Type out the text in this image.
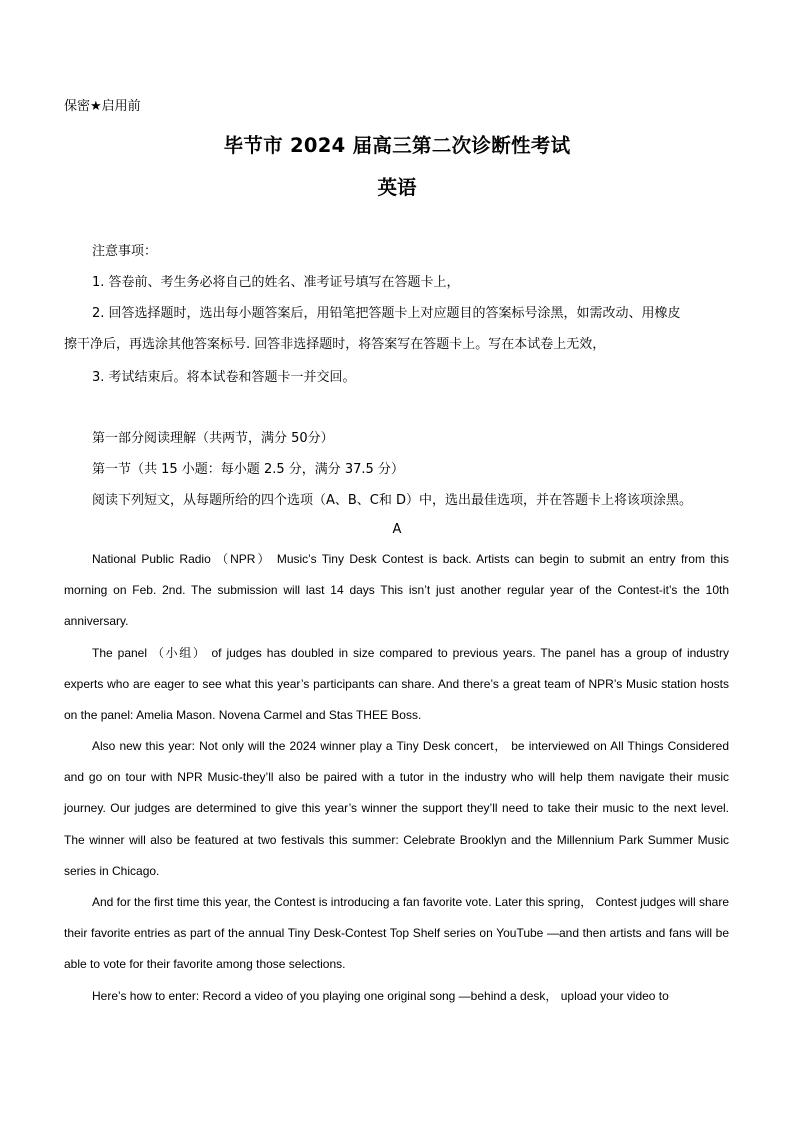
保密★启用前
毕节市 2024 届高三第二次诊断性考试
英语
注意事项：
1. 答卷前、考生务必将自己的姓名、准考证号填写在答题卡上，
2. 回答选择题时，选出每小题答案后，用铅笔把答题卡上对应题目的答案标号涂黑，如需改动、用橡皮
擦干净后，再选涂其他答案标号. 回答非选择题时，将答案写在答题卡上。写在本试卷上无效，
3. 考试结束后。将本试卷和答题卡一并交回。
第一部分阅读理解（共两节，满分 50分）
第一节（共 15 小题：每小题 2.5 分，满分 37.5 分）
阅读下列短文，从每题所给的四个选项（A、B、C和 D）中，选出最佳选项，并在答题卡上将该项涂黑。
A

National Public Radio （NPR） Music’s Tiny Desk Contest is back. Artists can begin to submit an entry from this morning on Feb. 2nd. The submission will last 14 days This isn’t just another regular year of the Contest-it’s the 10th anniversary.

The panel （小组） of judges has doubled in size compared to previous years. The panel has a group of industry experts who are eager to see what this year’s participants can share. And there’s a great team of NPR’s Music station hosts on the panel: Amelia Mason. Novena Carmel and Stas THEE Boss.

Also new this year: Not only will the 2024 winner play a Tiny Desk concert， be interviewed on All Things Considered and go on tour with NPR Music-they’ll also be paired with a tutor in the industry who will help them navigate their music journey. Our judges are determined to give this year’s winner the support they’ll need to take their music to the next level. The winner will also be featured at two festivals this summer: Celebrate Brooklyn and the Millennium Park Summer Music series in Chicago.

And for the first time this year, the Contest is introducing a fan favorite vote. Later this spring， Contest judges will share their favorite entries as part of the annual Tiny Desk-Contest Top Shelf series on YouTube —and then artists and fans will be able to vote for their favorite among those selections.

Here’s how to enter: Record a video of you playing one original song —behind a desk， upload your video to
